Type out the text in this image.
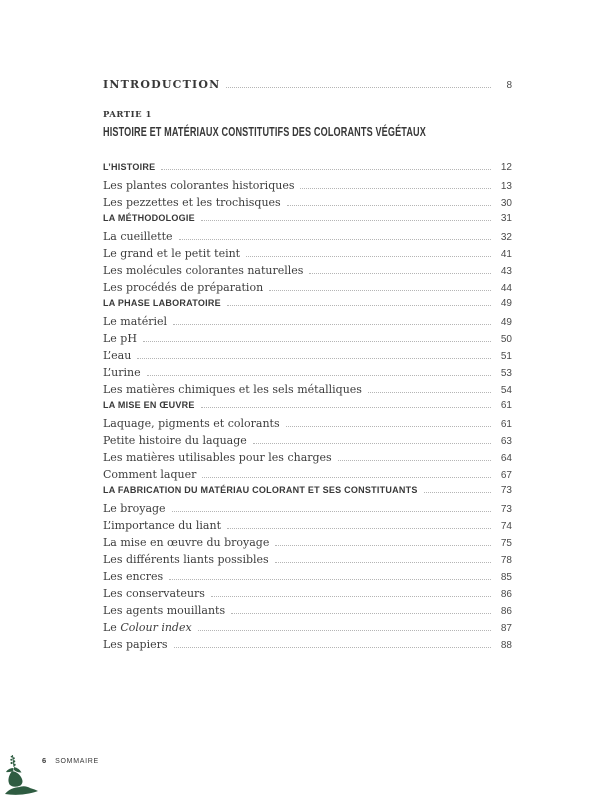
INTRODUCTION	8
PARTIE 1
HISTOIRE ET MATÉRIAUX CONSTITUTIFS DES COLORANTS VÉGÉTAUX
L’HISTOIRE	12
Les plantes colorantes historiques	13
Les pezzettes et les trochisques	30
LA MÉTHODOLOGIE	31
La cueillette	32
Le grand et le petit teint	41
Les molécules colorantes naturelles	43
Les procédés de préparation	44
LA PHASE LABORATOIRE	49
Le matériel	49
Le pH	50
L’eau	51
L’urine	53
Les matières chimiques et les sels métalliques	54
LA MISE EN ŒUVRE	61
Laquage, pigments et colorants	61
Petite histoire du laquage	63
Les matières utilisables pour les charges	64
Comment laquer	67
LA FABRICATION DU MATÉRIAU COLORANT ET SES CONSTITUANTS	73
Le broyage	73
L’importance du liant	74
La mise en œuvre du broyage	75
Les différents liants possibles	78
Les encres	85
Les conservateurs	86
Les agents mouillants	86
Le Colour index	87
Les papiers	88
6 SOMMAIRE
